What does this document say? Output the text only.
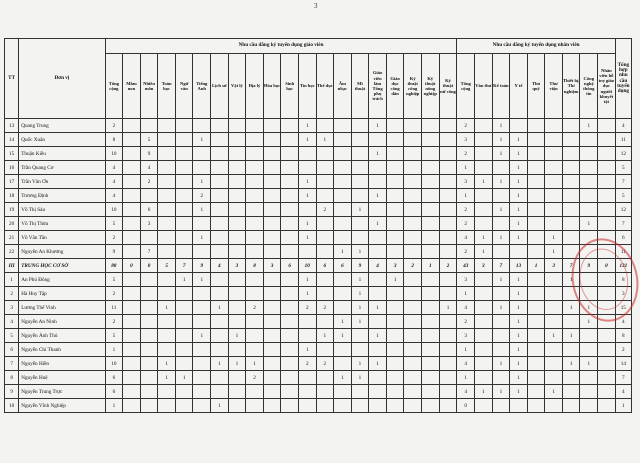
3
TT	Đơn vị	Nhu cầu đăng ký tuyển dụng giáo viên																				Nhu cầu đăng ký tuyển dụng nhân viên									Tổng hợp nhu cầu tuyển dụng
		Tổng cộng	Mầm non	Nhiều môn	Toán học	Ngữ văn	Tiếng Anh	Lịch sử	Vật lý	Địa lý	Hóa học	Sinh học	Tin học	Thể dục	Âm nhạc	Mĩ thuật	Giáo viên làm Tổng phụ trách	Giáo dục công dân	Kỹ thuật công nghiệp	Kỹ thuật nông nghiệp	Kỹ thuật nữ công	Tổng cộng	Văn thư	Kế toán	Y tế	Thủ quỹ	Thư viện	Thiết bị, Thí nghiệm	Công nghệ thông tin	Nhân viên hỗ trợ giáo dục người khuyết tật	
13	Quang Trung	2											1				1					2		1					1		4
14	Quốc Xuân	8		5			1						1	1								3		1	1						11
15	Thuận Kiều	10		9													1					2		1	1						12
16	Trần Quang Cơ	4		4																		1			1						5
17	Trần Văn Ơn	4		2			1						1									3	1	1	1						7
18	Trương Định	4					2						1				1					1			1						5
19	Võ Thị Sáu	10		6			1							2		1						2		1	1						12
20	Võ Thị Thừa	5		3									1				1					2			1				1		7
21	Võ Văn Tần	2					1						1									4	1	1	1		1				6
22	Nguyễn An Khương	9		7											1	1						2	1				1				11
III	TRUNG HỌC CƠ SỞ	88	0	0	5	7	9	4	3	8	3	6	10	6	6	9	4	3	2	1	2	43	3	7	13	1	3	7	9	0	131
1	An Phú Đông	5				1	1						1			1		1				3		1	1			1			8
2	Hà Huy Tập	2											1			1						1			1						3
3	Lương Thế Vinh	11			1			1		2			2	2		1	1				1	4		1	1			1	1		15
4	Nguyễn An Ninh	2													1	1						2			1				1		4
5	Nguyễn Ảnh Thủ	5					1		1					1	1		1					3			1		1	1			8
6	Nguyễn Chí Thanh	1											1									1			1						2
7	Nguyễn Hiền	10			1			1	1	1			2	2		1	1					4		1	1			1	1		14
8	Nguyễn Huệ	6			1	1				2					1	1						1			1						7
9	Nguyễn Trung Trực	0																				4	1	1	1		1				4
10	Nguyễn Vĩnh Nghiệp	1						1														0									1
